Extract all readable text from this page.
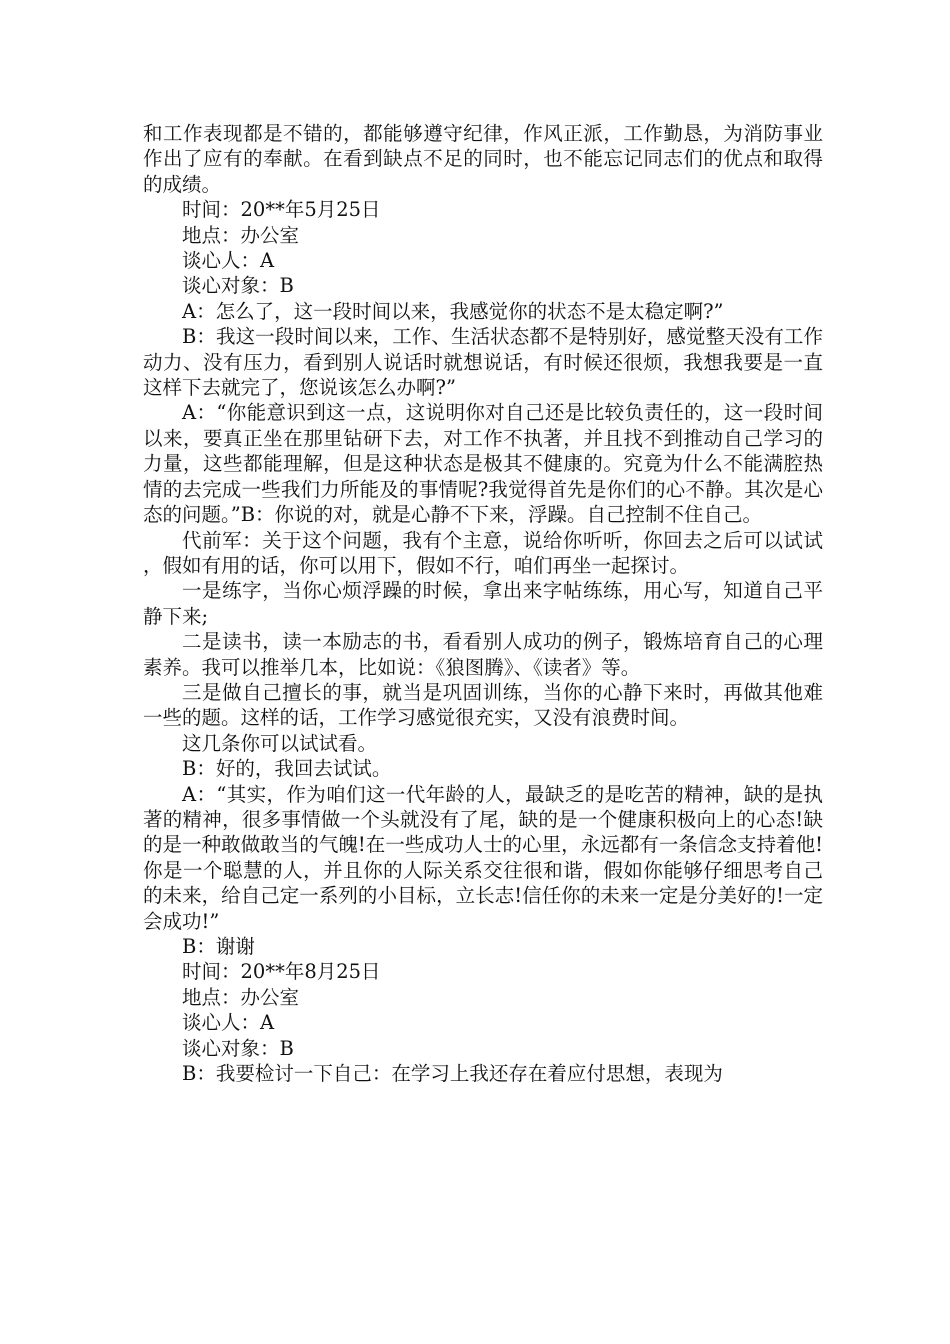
和工作表现都是不错的，都能够遵守纪律，作风正派，工作勤恳，为消防事业作出了应有的奉献。在看到缺点不足的同时，也不能忘记同志们的优点和取得的成绩。

时间：20**年5月25日

地点：办公室

谈心人：A

谈心对象：B

A：怎么了，这一段时间以来，我感觉你的状态不是太稳定啊?”

B：我这一段时间以来，工作、生活状态都不是特别好，感觉整天没有工作动力、没有压力，看到别人说话时就想说话，有时候还很烦，我想我要是一直这样下去就完了，您说该怎么办啊?”

A：“你能意识到这一点，这说明你对自己还是比较负责任的，这一段时间以来，要真正坐在那里钻研下去，对工作不执著，并且找不到推动自己学习的力量，这些都能理解，但是这种状态是极其不健康的。究竟为什么不能满腔热情的去完成一些我们力所能及的事情呢?我觉得首先是你们的心不静。其次是心态的问题。”B：你说的对，就是心静不下来，浮躁。自己控制不住自己。

代前军：关于这个问题，我有个主意，说给你听听，你回去之后可以试试，假如有用的话，你可以用下，假如不行，咱们再坐一起探讨。

一是练字，当你心烦浮躁的时候，拿出来字帖练练，用心写，知道自己平静下来;

二是读书，读一本励志的书，看看别人成功的例子，锻炼培育自己的心理素养。我可以推举几本，比如说：《狼图腾》、《读者》等。

三是做自己擅长的事，就当是巩固训练，当你的心静下来时，再做其他难一些的题。这样的话，工作学习感觉很充实，又没有浪费时间。

这几条你可以试试看。

B：好的，我回去试试。

A：“其实，作为咱们这一代年龄的人，最缺乏的是吃苦的精神，缺的是执著的精神，很多事情做一个头就没有了尾，缺的是一个健康积极向上的心态!缺的是一种敢做敢当的气魄!在一些成功人士的心里，永远都有一条信念支持着他!你是一个聪慧的人，并且你的人际关系交往很和谐，假如你能够仔细思考自己的未来，给自己定一系列的小目标，立长志!信任你的未来一定是分美好的!一定会成功!”

B：谢谢

时间：20**年8月25日

地点：办公室

谈心人：A

谈心对象：B

B：我要检讨一下自己：在学习上我还存在着应付思想，表现为
